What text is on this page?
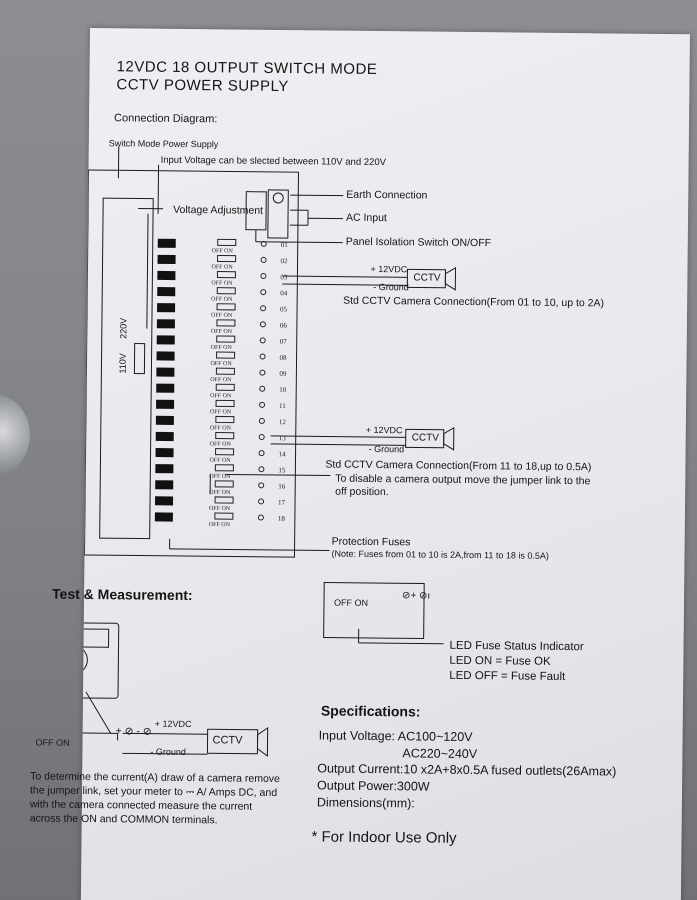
12VDC 18 OUTPUT SWITCH MODE
CCTV POWER SUPPLY
Connection Diagram:
Switch Mode Power Supply
Input Voltage can be slected between 110V and 220V
OFF ON
OFF ON
OFF ON
OFF ON
OFF ON
OFF ON
OFF ON
OFF ON
OFF ON
OFF ON
OFF ON
OFF ON
OFF ON
OFF ON
OFF ON
OFF ON
OFF ON
OFF ON
01
02
03
04
05
06
07
08
09
10
11
12
13
14
15
16
17
18
Voltage Adjustment
110V
220V
Earth Connection
AC Input
Panel Isolation Switch ON/OFF
+ 12VDC
- Ground
CCTV
Std CCTV Camera Connection(From 01 to 10, up to 2A)
+ 12VDC
- Ground
CCTV
Std CCTV Camera Connection(From 11 to 18,up to 0.5A)
To disable a camera output move the jumper link to the
off position.
Protection Fuses
(Note: Fuses from 01 to 10 is 2A,from 11 to 18 is 0.5A)
OFF ON
⊘+ ⊘ı
LED Fuse Status Indicator
LED ON = Fuse OK
LED OFF = Fuse Fault
Test & Measurement:
OFF ON
+ ⊘ - ⊘
+ 12VDC
- Ground
CCTV
To determine the current(A) draw of a camera remove the jumper link, set your meter to ⎓ A/ Amps DC, and with the camera connected measure the current across the ON and COMMON terminals.
Specifications:
Input Voltage: AC100~120V
AC220~240V
Output Current:10 x2A+8x0.5A fused outlets(26Amax)
Output Power:300W
Dimensions(mm):
* For Indoor Use Only
